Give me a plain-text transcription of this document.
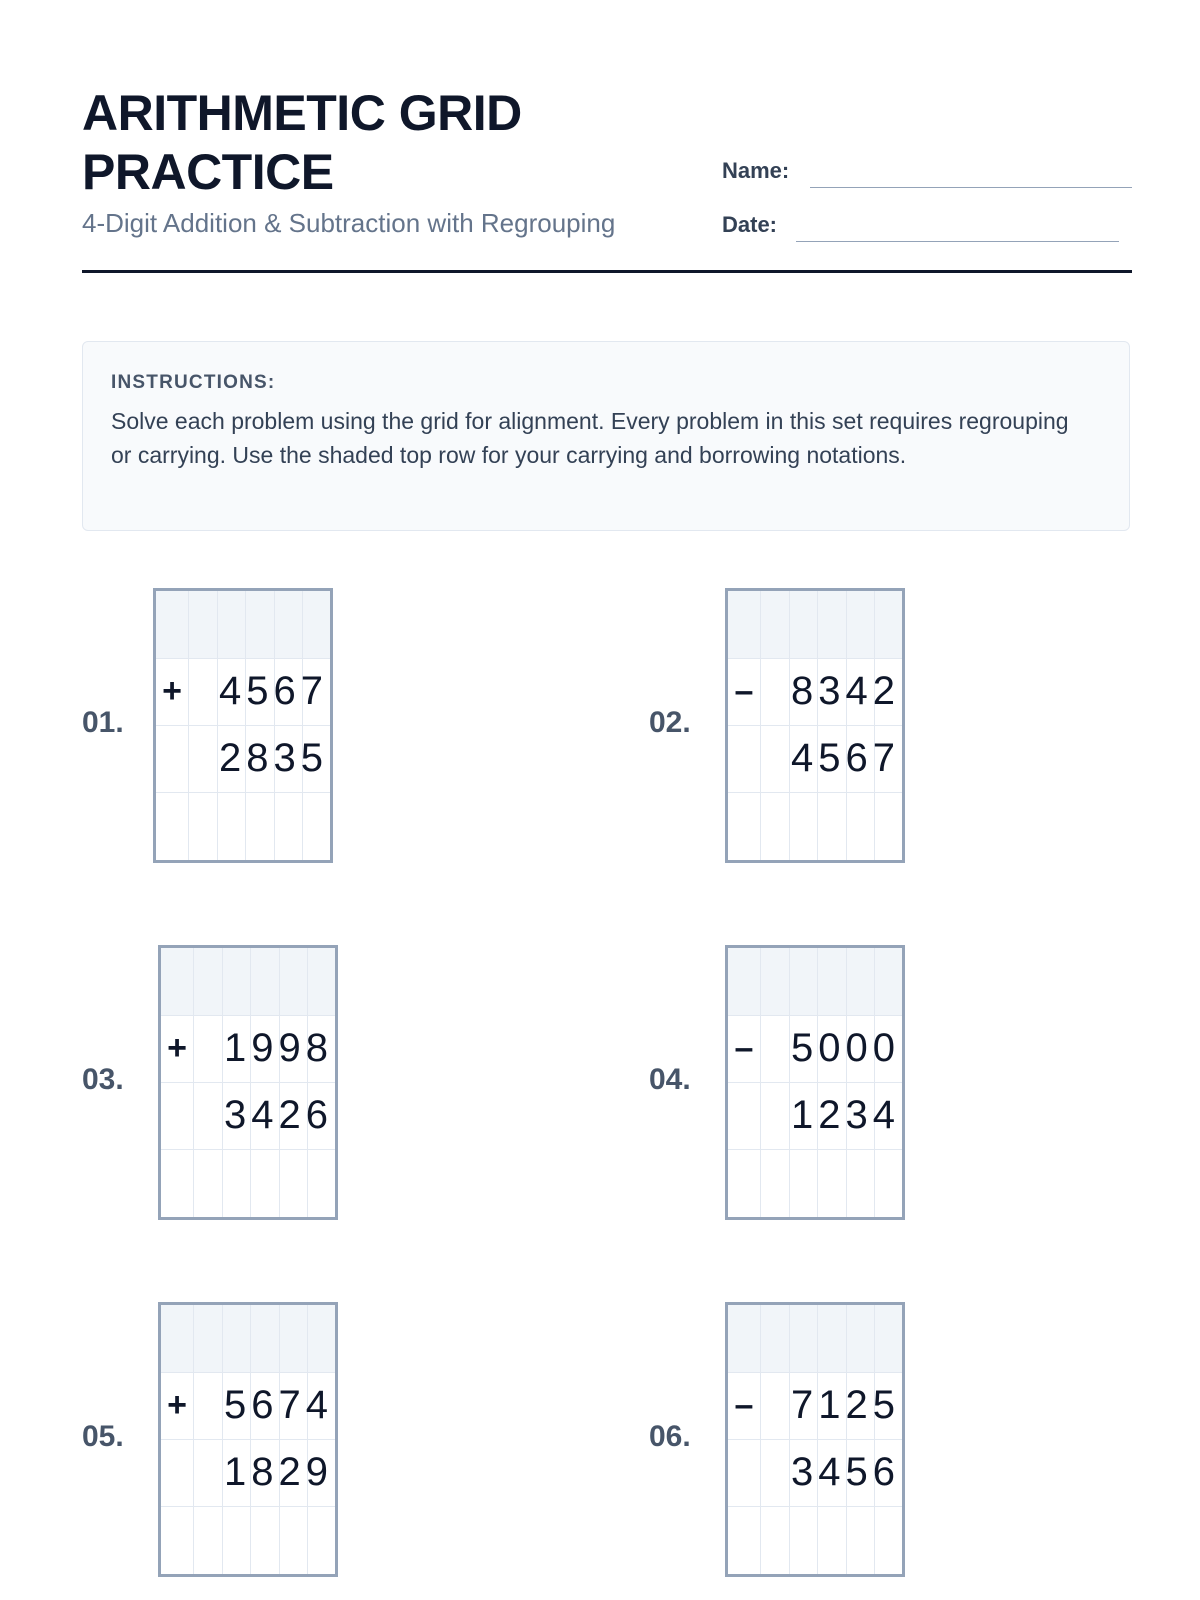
ARITHMETIC GRID PRACTICE

4-Digit Addition & Subtraction with Regrouping

Name:
Date:
INSTRUCTIONS:

Solve each problem using the grid for alignment. Every problem in this set requires regrouping or carrying. Use the shaded top row for your carrying and borrowing notations.

01.
+ 4567
2835
02.
– 8342
4567
03.
+ 1998
3426
04.
– 5000
1234
05.
+ 5674
1829
06.
– 7125
3456
